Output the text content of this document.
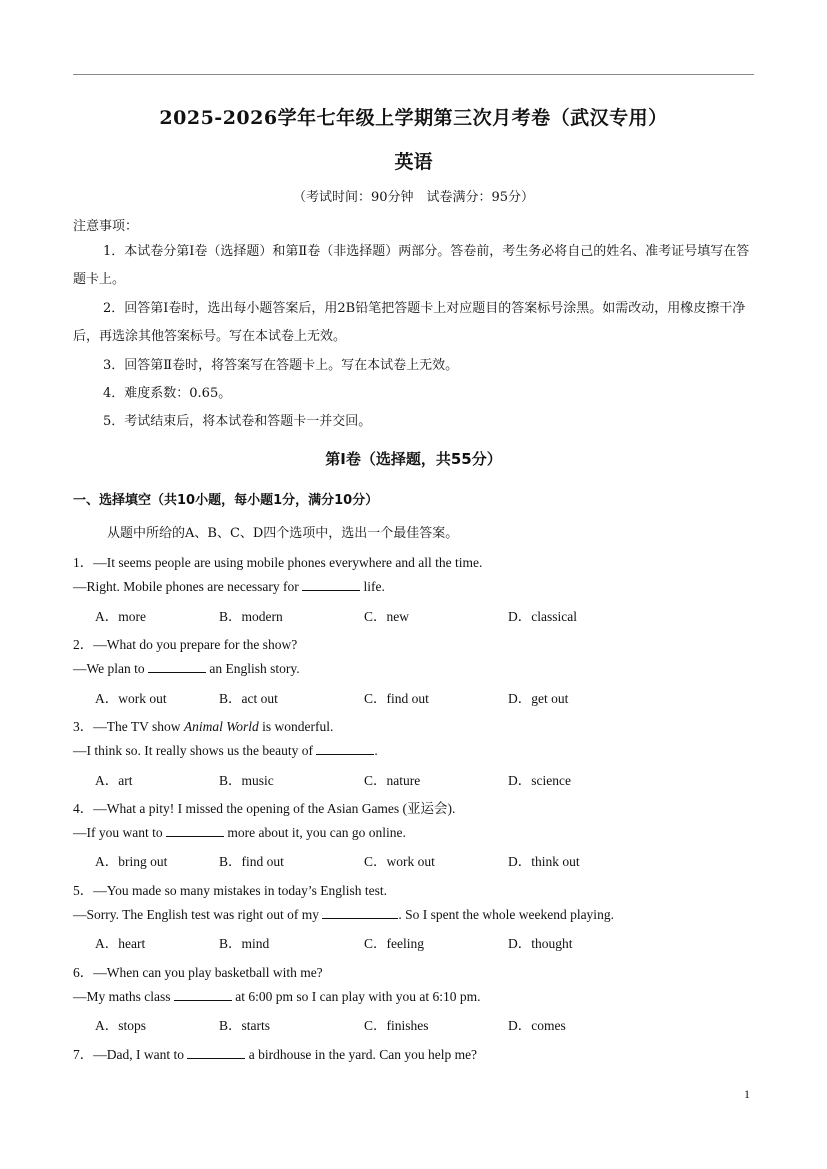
2025-2026学年七年级上学期第三次月考卷（武汉专用）
英语
（考试时间：90分钟　试卷满分：95分）
注意事项：
1．本试卷分第Ⅰ卷（选择题）和第Ⅱ卷（非选择题）两部分。答卷前，考生务必将自己的姓名、准考证号填写在答题卡上。
2．回答第Ⅰ卷时，选出每小题答案后，用2B铅笔把答题卡上对应题目的答案标号涂黑。如需改动，用橡皮擦干净后，再选涂其他答案标号。写在本试卷上无效。
3．回答第Ⅱ卷时，将答案写在答题卡上。写在本试卷上无效。
4．难度系数：0.65。
5．考试结束后，将本试卷和答题卡一并交回。
第Ⅰ卷（选择题，共55分）
一、选择填空（共10小题，每小题1分，满分10分）
从题中所给的A、B、C、D四个选项中，选出一个最佳答案。
1．—It seems people are using mobile phones everywhere and all the time.
—Right. Mobile phones are necessary for	life.
A．more	B．modern	C．new	D．classical
2．—What do you prepare for the show?
—We plan to	an English story.
A．work out	B．act out	C．find out	D．get out
3．—The TV show Animal World is wonderful.
—I think so. It really shows us the beauty of	.
A．art	B．music	C．nature	D．science
4．—What a pity! I missed the opening of the Asian Games (亚运会).
—If you want to	more about it, you can go online.
A．bring out	B．find out	C．work out	D．think out
5．—You made so many mistakes in today’s English test.
—Sorry. The English test was right out of my	. So I spent the whole weekend playing.
A．heart	B．mind	C．feeling	D．thought
6．—When can you play basketball with me?
—My maths class	at 6:00 pm so I can play with you at 6:10 pm.
A．stops	B．starts	C．finishes	D．comes
7．—Dad, I want to	a birdhouse in the yard. Can you help me?
1
